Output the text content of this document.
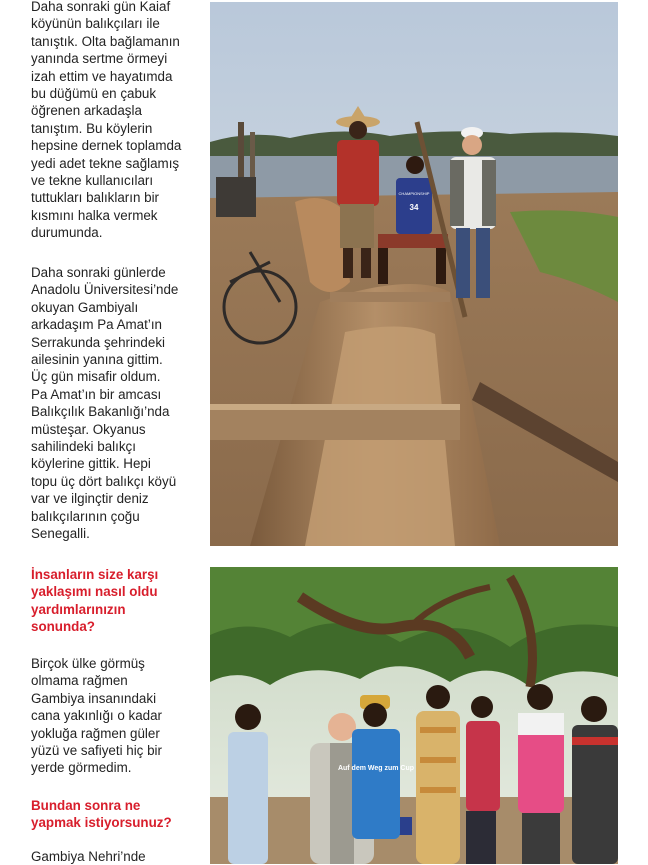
Daha sonraki gün Kaiaf
köyünün balıkçıları ile
tanıştık. Olta bağlamanın
yanında sertme örmeyi
izah ettim ve hayatımda
bu düğümü en çabuk
öğrenen arkadaşla
tanıştım. Bu köylerin
hepsine dernek toplamda
yedi adet tekne sağlamış
ve tekne kullanıcıları
tuttukları balıkların bir
kısmını halka vermek
durumunda.

Daha sonraki günlerde
Anadolu Üniversitesi’nde
okuyan Gambiyalı
arkadaşım Pa Amat’ın
Serrakunda şehrindeki
ailesinin yanına gittim.
Üç gün misafir oldum.
Pa Amat’ın bir amcası
Balıkçılık Bakanlığı’nda
müsteşar. Okyanus
sahilindeki balıkçı
köylerine gittik. Hepi
topu üç dört balıkçı köyü
var ve ilginçtir deniz
balıkçılarının çoğu
Senegalli.

İnsanların size karşı
yaklaşımı nasıl oldu
yardımlarınızın
sonunda?

Birçok ülke görmüş
olmama rağmen
Gambiya insanındaki
cana yakınlığı o kadar
yokluğa rağmen güler
yüzü ve safiyeti hiç bir
yerde görmedim.

Bundan sonra ne
yapmak istiyorsunuz?

Gambiya Nehri’nde

34
CHAMPIONSHIP
Auf dem Weg zum Cup
